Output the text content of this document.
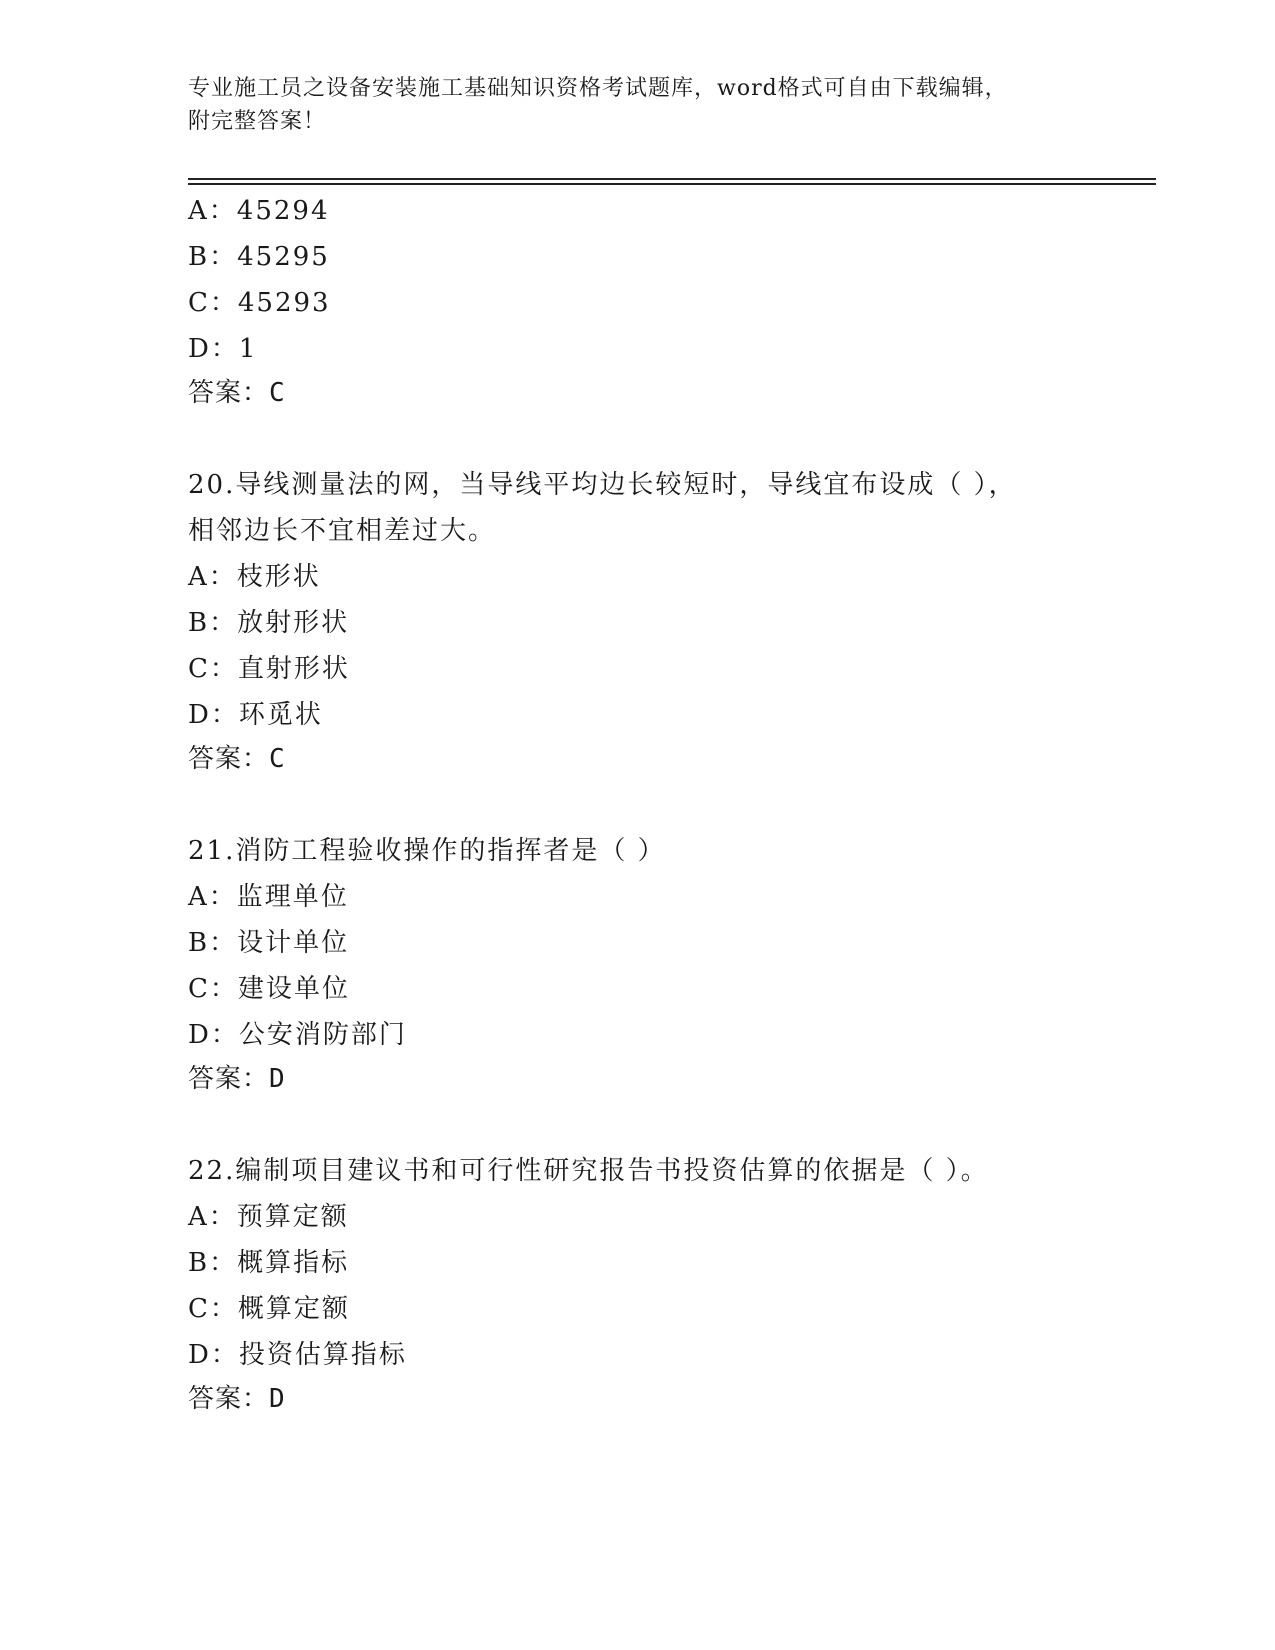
专业施工员之设备安装施工基础知识资格考试题库，word格式可自由下载编辑，
附完整答案！
A：45294
B：45295
C：45293
D：1
答案：C
20.导线测量法的网，当导线平均边长较短时，导线宜布设成（ ），
相邻边长不宜相差过大。
A：枝形状
B：放射形状
C：直射形状
D：环觅状
答案：C
21.消防工程验收操作的指挥者是（ ）
A：监理单位
B：设计单位
C：建设单位
D：公安消防部门
答案：D
22.编制项目建议书和可行性研究报告书投资估算的依据是（ ）。
A：预算定额
B：概算指标
C：概算定额
D：投资估算指标
答案：D
